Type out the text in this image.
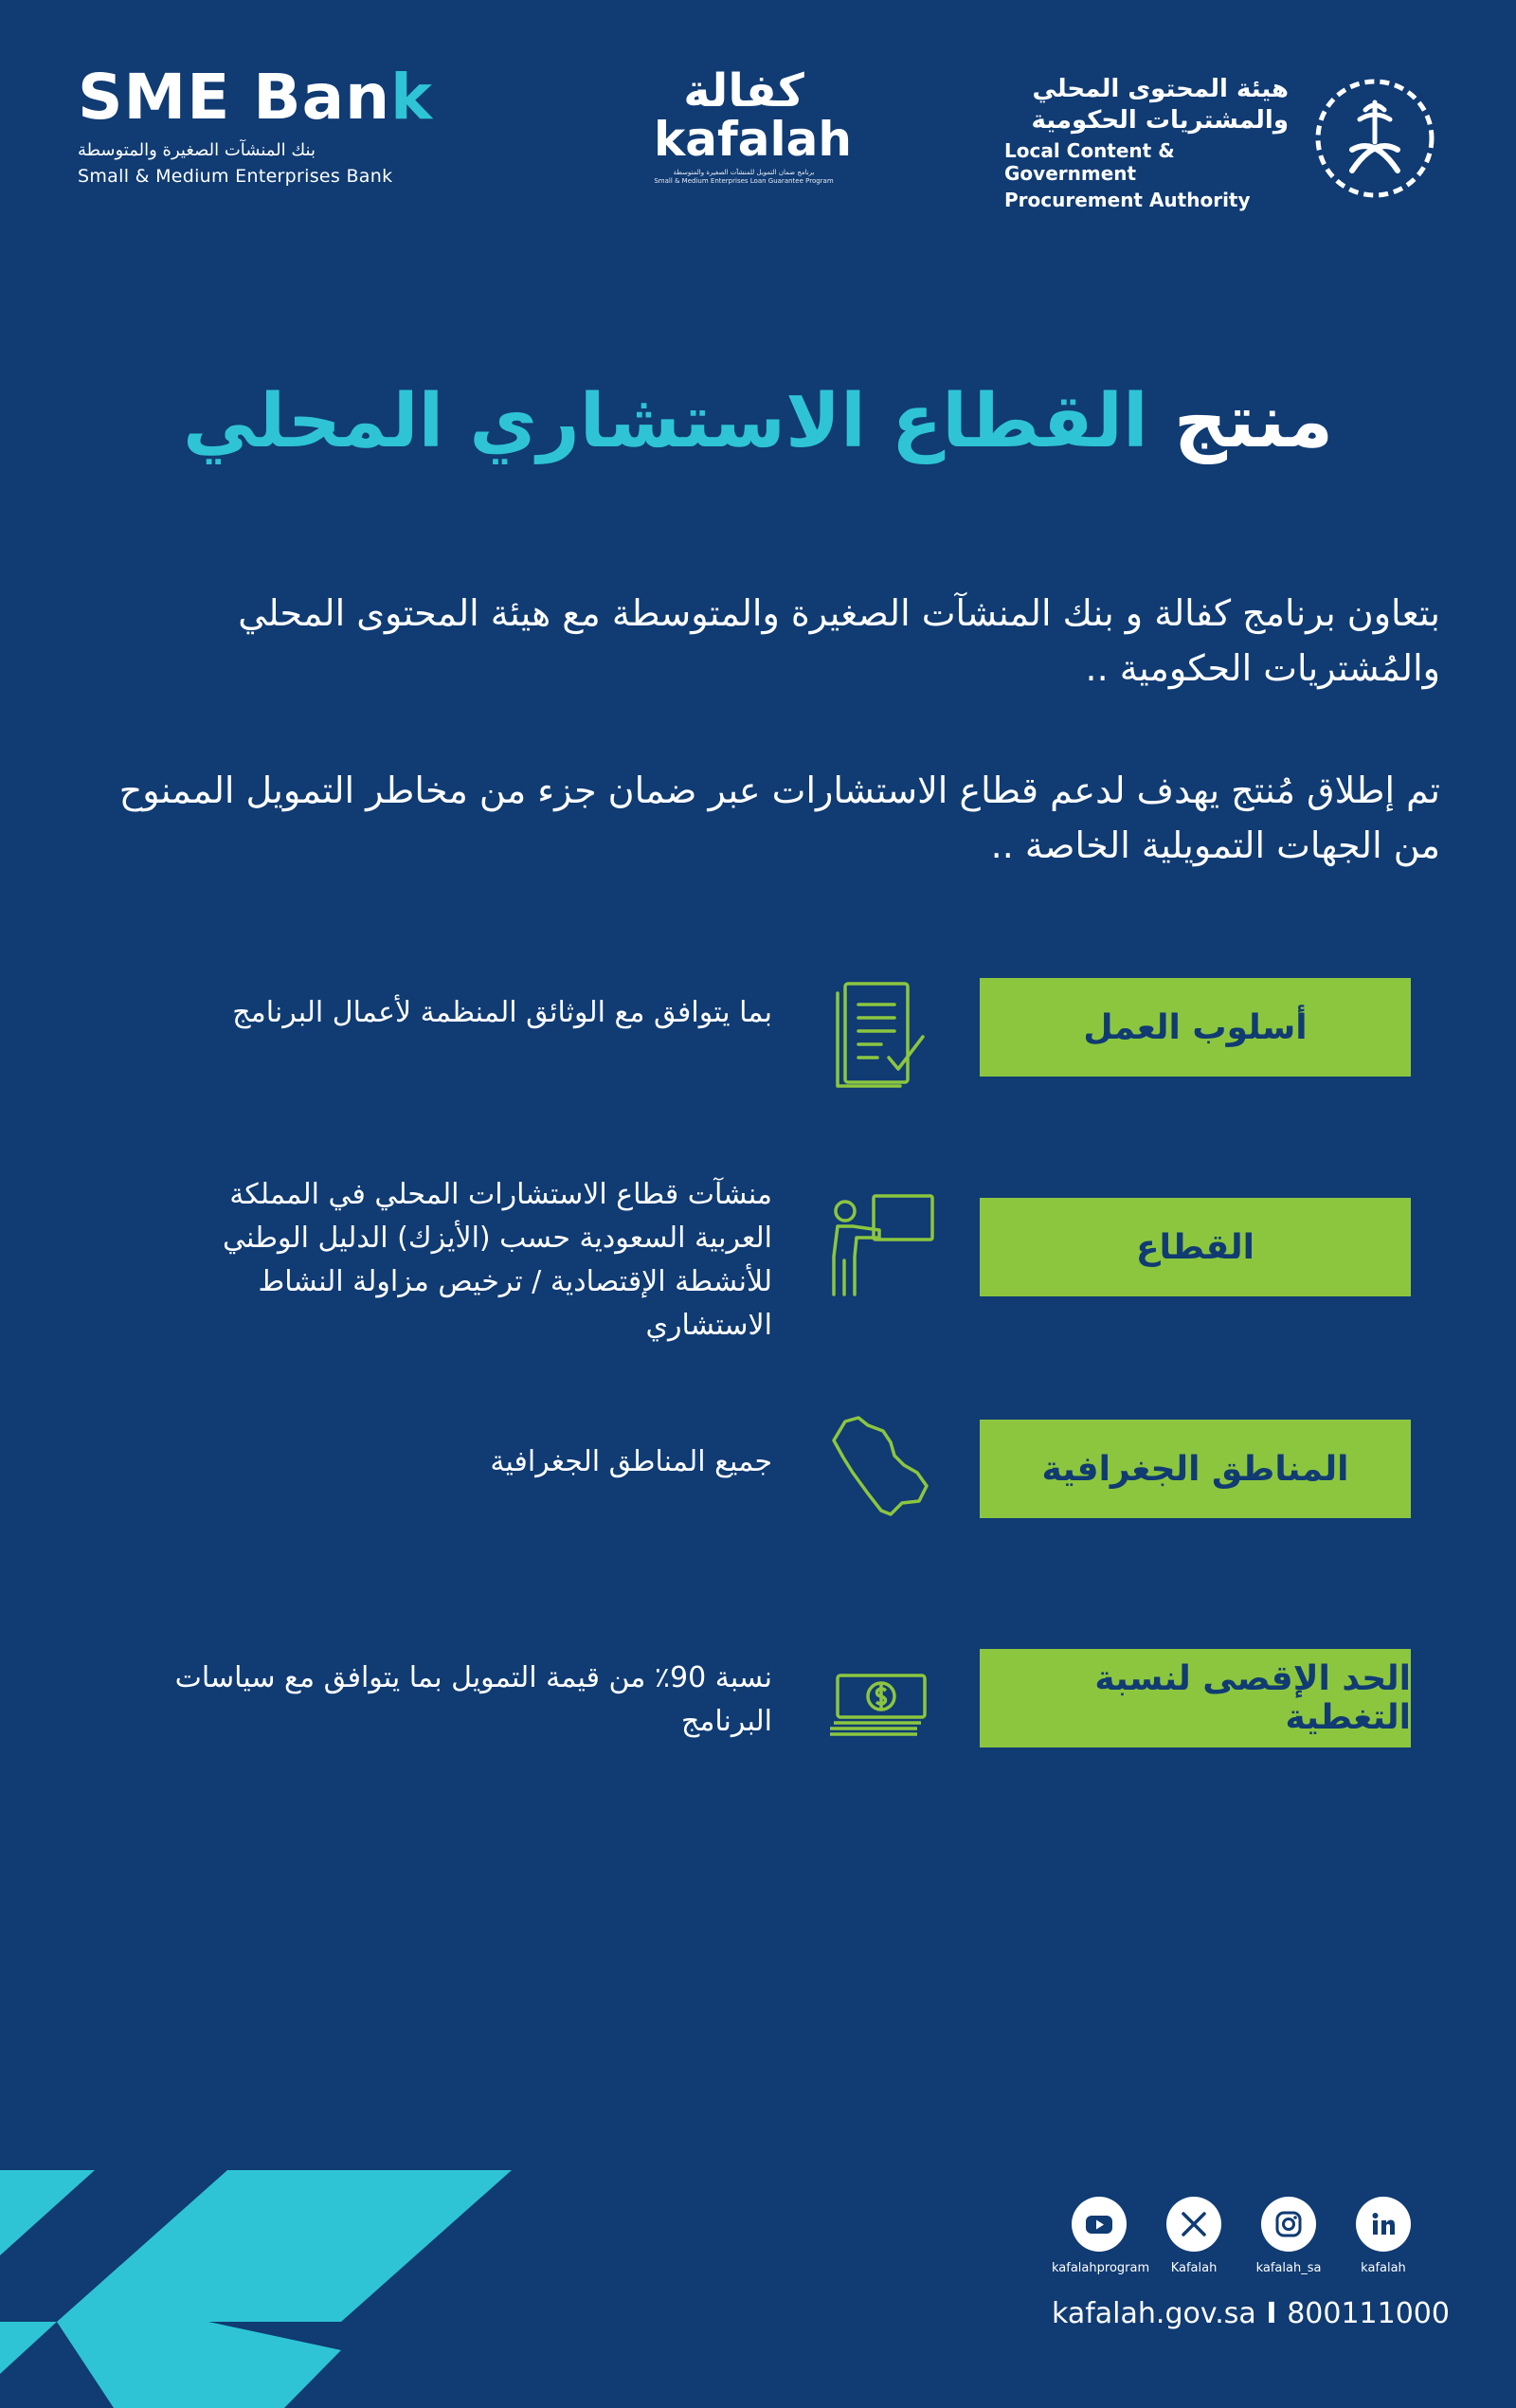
SME Bank
بنك المنشآت الصغيرة والمتوسطة
Small & Medium Enterprises Bank
كفالة
kafalah
برنامج ضمان التمويل للمنشآت الصغيرة والمتوسطة
Small & Medium Enterprises Loan Guarantee Program
هيئة المحتوى المحلي
والمشتريات الحكومية
Local Content & Government
Procurement Authority
منتج القطاع الاستشاري المحلي
بتعاون برنامج كفالة و بنك المنشآت الصغيرة والمتوسطة مع هيئة المحتوى المحلي والمُشتريات الحكومية ..
تم إطلاق مُنتج يهدف لدعم قطاع الاستشارات عبر ضمان جزء من مخاطر التمويل الممنوح من الجهات التمويلية الخاصة ..
أسلوب العمل
بما يتوافق مع الوثائق المنظمة لأعمال البرنامج
القطاع
منشآت قطاع الاستشارات المحلي في المملكة العربية السعودية حسب (الأيزك) الدليل الوطني للأنشطة الإقتصادية / ترخيص مزاولة النشاط الاستشاري
المناطق الجغرافية
جميع المناطق الجغرافية
الحد الإقصى لنسبة التغطية
نسبة 90٪ من قيمة التمويل بما يتوافق مع سياسات البرنامج
kafalahprogram	Kafalah	kafalah_sa	kafalah
kafalah.gov.sa I 800111000
